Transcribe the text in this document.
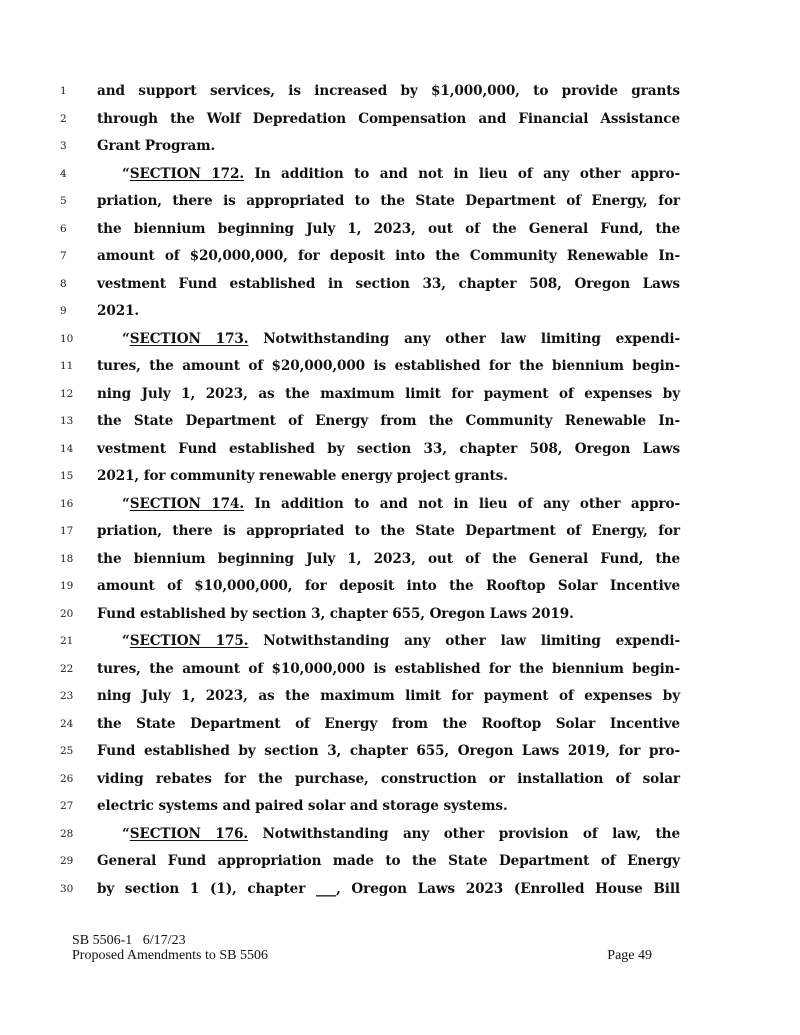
1	and support services, is increased by $1,000,000, to provide grants
2	through the Wolf Depredation Compensation and Financial Assistance
3	Grant Program.
4	“SECTION 172. In addition to and not in lieu of any other appro-
5	priation, there is appropriated to the State Department of Energy, for
6	the biennium beginning July 1, 2023, out of the General Fund, the
7	amount of $20,000,000, for deposit into the Community Renewable In-
8	vestment Fund established in section 33, chapter 508, Oregon Laws
9	2021.
10	“SECTION 173. Notwithstanding any other law limiting expendi-
11	tures, the amount of $20,000,000 is established for the biennium begin-
12	ning July 1, 2023, as the maximum limit for payment of expenses by
13	the State Department of Energy from the Community Renewable In-
14	vestment Fund established by section 33, chapter 508, Oregon Laws
15	2021, for community renewable energy project grants.
16	“SECTION 174. In addition to and not in lieu of any other appro-
17	priation, there is appropriated to the State Department of Energy, for
18	the biennium beginning July 1, 2023, out of the General Fund, the
19	amount of $10,000,000, for deposit into the Rooftop Solar Incentive
20	Fund established by section 3, chapter 655, Oregon Laws 2019.
21	“SECTION 175. Notwithstanding any other law limiting expendi-
22	tures, the amount of $10,000,000 is established for the biennium begin-
23	ning July 1, 2023, as the maximum limit for payment of expenses by
24	the State Department of Energy from the Rooftop Solar Incentive
25	Fund established by section 3, chapter 655, Oregon Laws 2019, for pro-
26	viding rebates for the purchase, construction or installation of solar
27	electric systems and paired solar and storage systems.
28	“SECTION 176. Notwithstanding any other provision of law, the
29	General Fund appropriation made to the State Department of Energy
30	by section 1 (1), chapter ___, Oregon Laws 2023 (Enrolled House Bill
SB 5506-1   6/17/23
Proposed Amendments to SB 5506	Page 49
